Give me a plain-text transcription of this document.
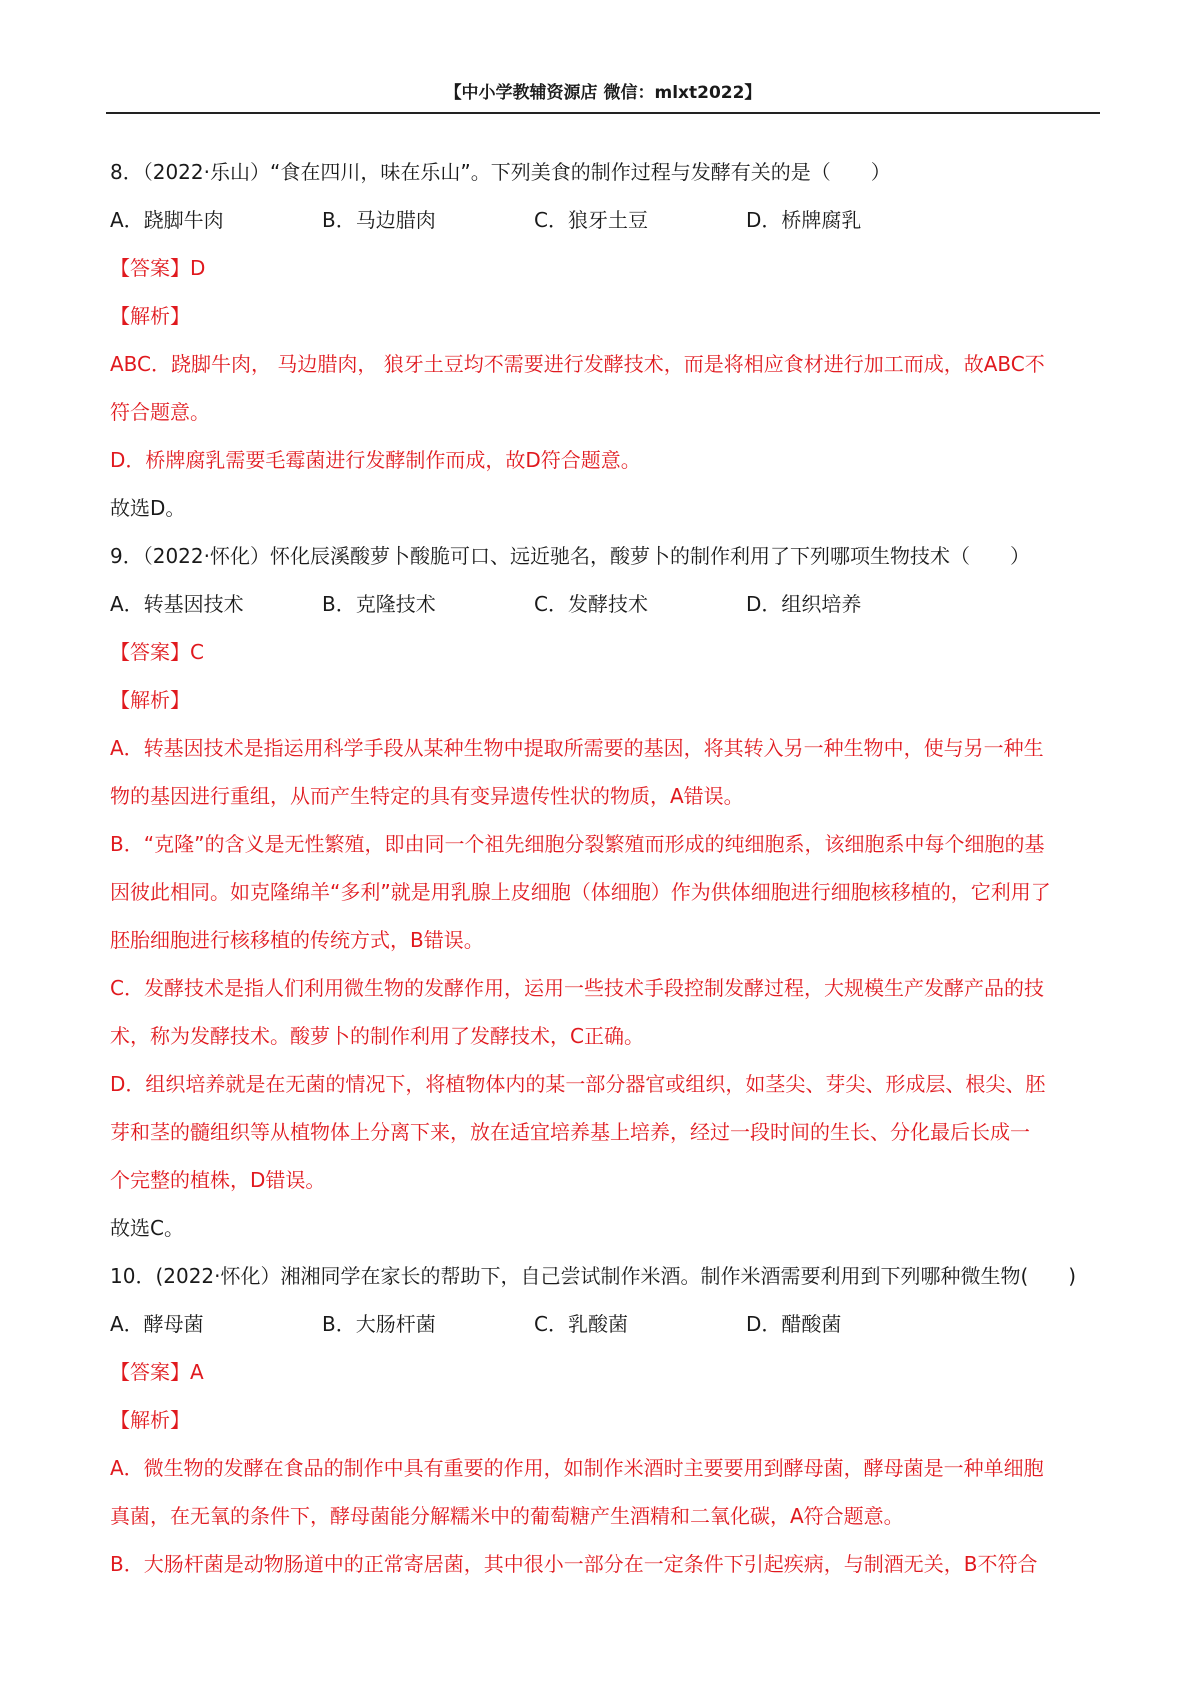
【中小学教辅资源店 微信：mlxt2022】
8．（2022·乐山）“食在四川，味在乐山”。下列美食的制作过程与发酵有关的是（　　）
A．跷脚牛肉	B．马边腊肉	C．狼牙土豆	D．桥牌腐乳
【答案】D
【解析】
ABC．跷脚牛肉， 马边腊肉， 狼牙土豆均不需要进行发酵技术，而是将相应食材进行加工而成，故ABC不
符合题意。
D．桥牌腐乳需要毛霉菌进行发酵制作而成，故D符合题意。
故选D。
9．（2022·怀化）怀化辰溪酸萝卜酸脆可口、远近驰名，酸萝卜的制作利用了下列哪项生物技术（　　）
A．转基因技术	B．克隆技术	C．发酵技术	D．组织培养
【答案】C
【解析】
A．转基因技术是指运用科学手段从某种生物中提取所需要的基因，将其转入另一种生物中，使与另一种生
物的基因进行重组，从而产生特定的具有变异遗传性状的物质，A错误。
B．“克隆”的含义是无性繁殖，即由同一个祖先细胞分裂繁殖而形成的纯细胞系，该细胞系中每个细胞的基
因彼此相同。如克隆绵羊“多利”就是用乳腺上皮细胞（体细胞）作为供体细胞进行细胞核移植的，它利用了
胚胎细胞进行核移植的传统方式，B错误。
C．发酵技术是指人们利用微生物的发酵作用，运用一些技术手段控制发酵过程，大规模生产发酵产品的技
术，称为发酵技术。酸萝卜的制作利用了发酵技术，C正确。
D．组织培养就是在无菌的情况下，将植物体内的某一部分器官或组织，如茎尖、芽尖、形成层、根尖、胚
芽和茎的髓组织等从植物体上分离下来，放在适宜培养基上培养，经过一段时间的生长、分化最后长成一
个完整的植株，D错误。
故选C。
10．(2022·怀化）湘湘同学在家长的帮助下，自己尝试制作米酒。制作米酒需要利用到下列哪种微生物(　　)
A．酵母菌	B．大肠杆菌	C．乳酸菌	D．醋酸菌
【答案】A
【解析】
A．微生物的发酵在食品的制作中具有重要的作用，如制作米酒时主要要用到酵母菌，酵母菌是一种单细胞
真菌，在无氧的条件下，酵母菌能分解糯米中的葡萄糖产生酒精和二氧化碳，A符合题意。
B．大肠杆菌是动物肠道中的正常寄居菌，其中很小一部分在一定条件下引起疾病，与制酒无关，B不符合
